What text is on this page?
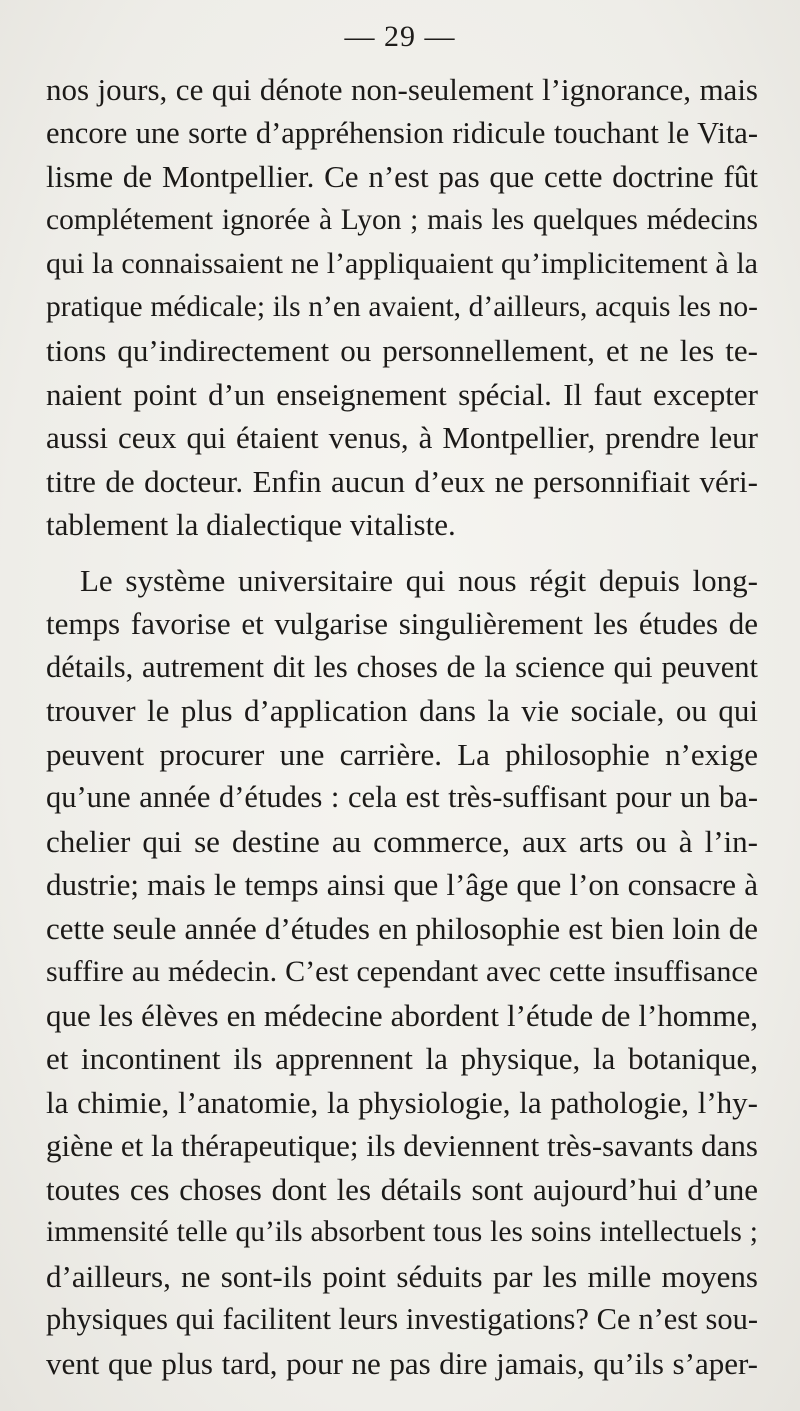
— 29 —
nos jours, ce qui dénote non-seulement l’ignorance, mais
encore une sorte d’appréhension ridicule touchant le Vita-
lisme de Montpellier. Ce n’est pas que cette doctrine fût
complétement ignorée à Lyon ; mais les quelques médecins
qui la connaissaient ne l’appliquaient qu’implicitement à la
pratique médicale; ils n’en avaient, d’ailleurs, acquis les no-
tions qu’indirectement ou personnellement, et ne les te-
naient point d’un enseignement spécial. Il faut excepter
aussi ceux qui étaient venus, à Montpellier, prendre leur
titre de docteur. Enfin aucun d’eux ne personnifiait véri-
tablement la dialectique vitaliste.
Le système universitaire qui nous régit depuis long-
temps favorise et vulgarise singulièrement les études de
détails, autrement dit les choses de la science qui peuvent
trouver le plus d’application dans la vie sociale, ou qui
peuvent procurer une carrière. La philosophie n’exige
qu’une année d’études : cela est très-suffisant pour un ba-
chelier qui se destine au commerce, aux arts ou à l’in-
dustrie; mais le temps ainsi que l’âge que l’on consacre à
cette seule année d’études en philosophie est bien loin de
suffire au médecin. C’est cependant avec cette insuffisance
que les élèves en médecine abordent l’étude de l’homme,
et incontinent ils apprennent la physique, la botanique,
la chimie, l’anatomie, la physiologie, la pathologie, l’hy-
giène et la thérapeutique; ils deviennent très-savants dans
toutes ces choses dont les détails sont aujourd’hui d’une
immensité telle qu’ils absorbent tous les soins intellectuels ;
d’ailleurs, ne sont-ils point séduits par les mille moyens
physiques qui facilitent leurs investigations? Ce n’est sou-
vent que plus tard, pour ne pas dire jamais, qu’ils s’aper-
